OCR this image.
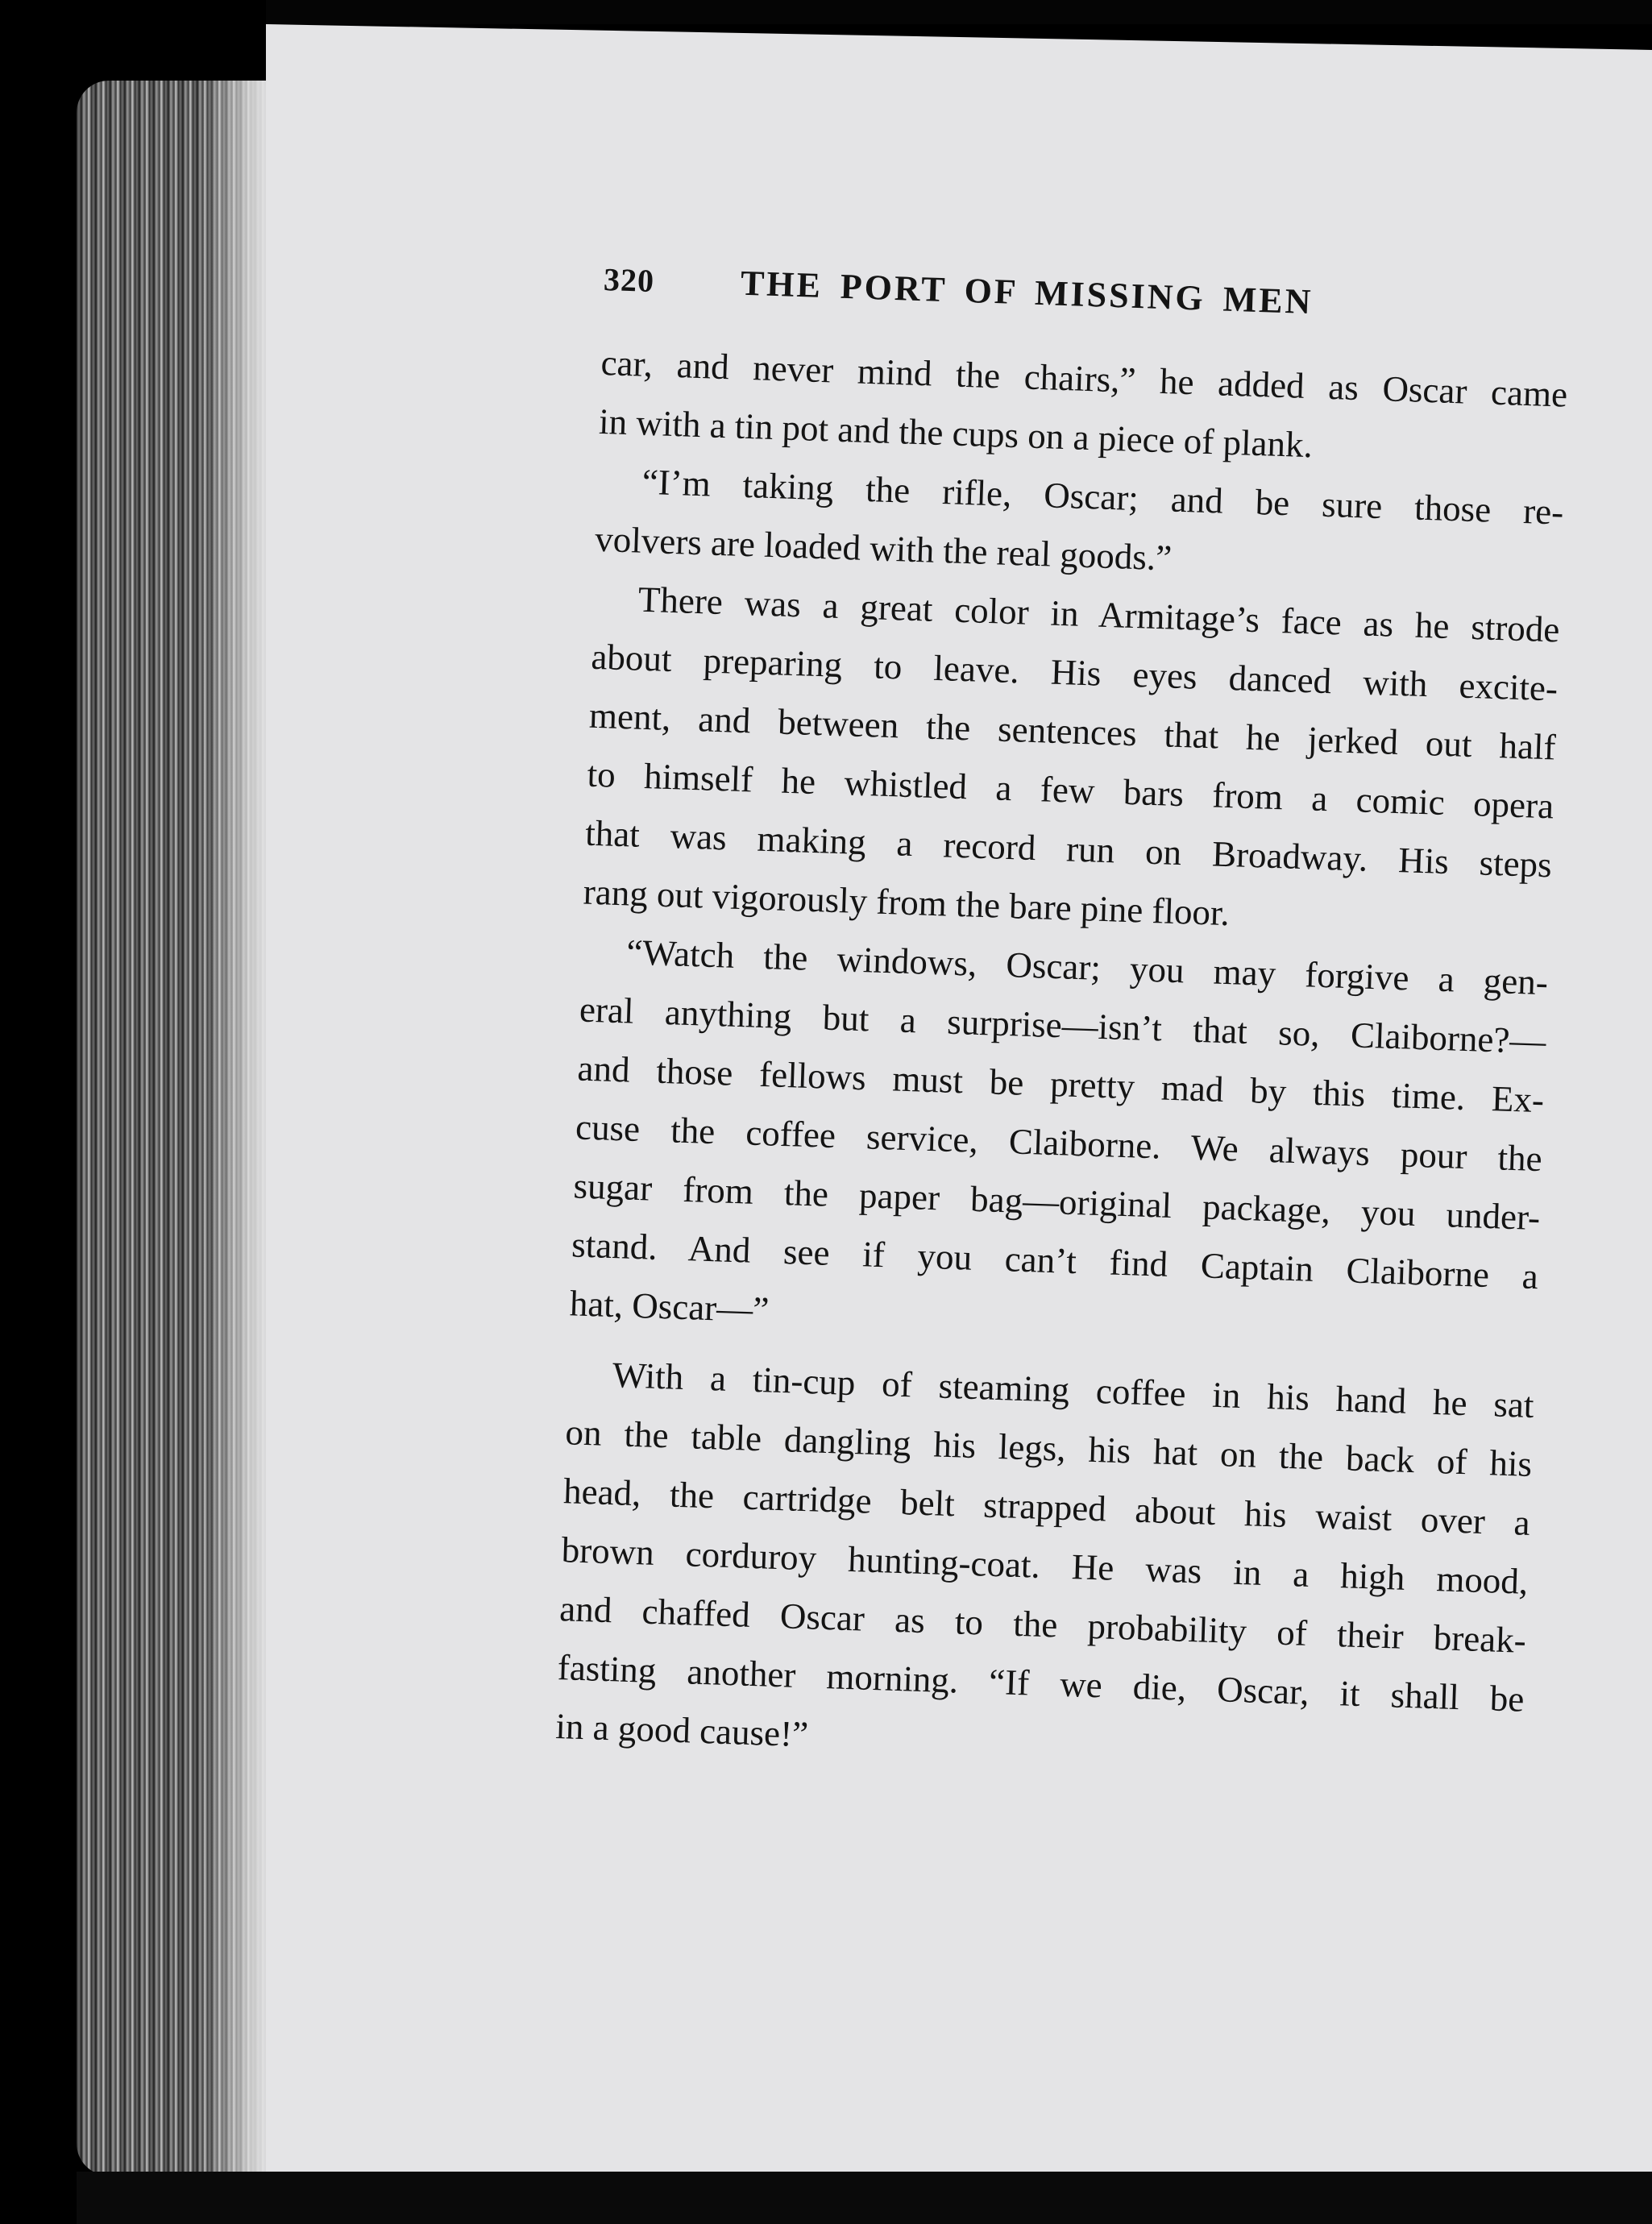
320	THE PORT OF MISSING MEN

car, and never mind the chairs,” he added as Oscar came
in with a tin pot and the cups on a piece of plank.

“I’m taking the rifle, Oscar; and be sure those re-
volvers are loaded with the real goods.”

There was a great color in Armitage’s face as he strode
about preparing to leave. His eyes danced with excite-
ment, and between the sentences that he jerked out half
to himself he whistled a few bars from a comic opera
that was making a record run on Broadway. His steps
rang out vigorously from the bare pine floor.

“Watch the windows, Oscar; you may forgive a gen-
eral anything but a surprise—isn’t that so, Claiborne?—
and those fellows must be pretty mad by this time. Ex-
cuse the coffee service, Claiborne. We always pour the
sugar from the paper bag—original package, you under-
stand. And see if you can’t find Captain Claiborne a
hat, Oscar—”

With a tin-cup of steaming coffee in his hand he sat
on the table dangling his legs, his hat on the back of his
head, the cartridge belt strapped about his waist over a
brown corduroy hunting-coat. He was in a high mood,
and chaffed Oscar as to the probability of their break-
fasting another morning. “If we die, Oscar, it shall be
in a good cause!”
